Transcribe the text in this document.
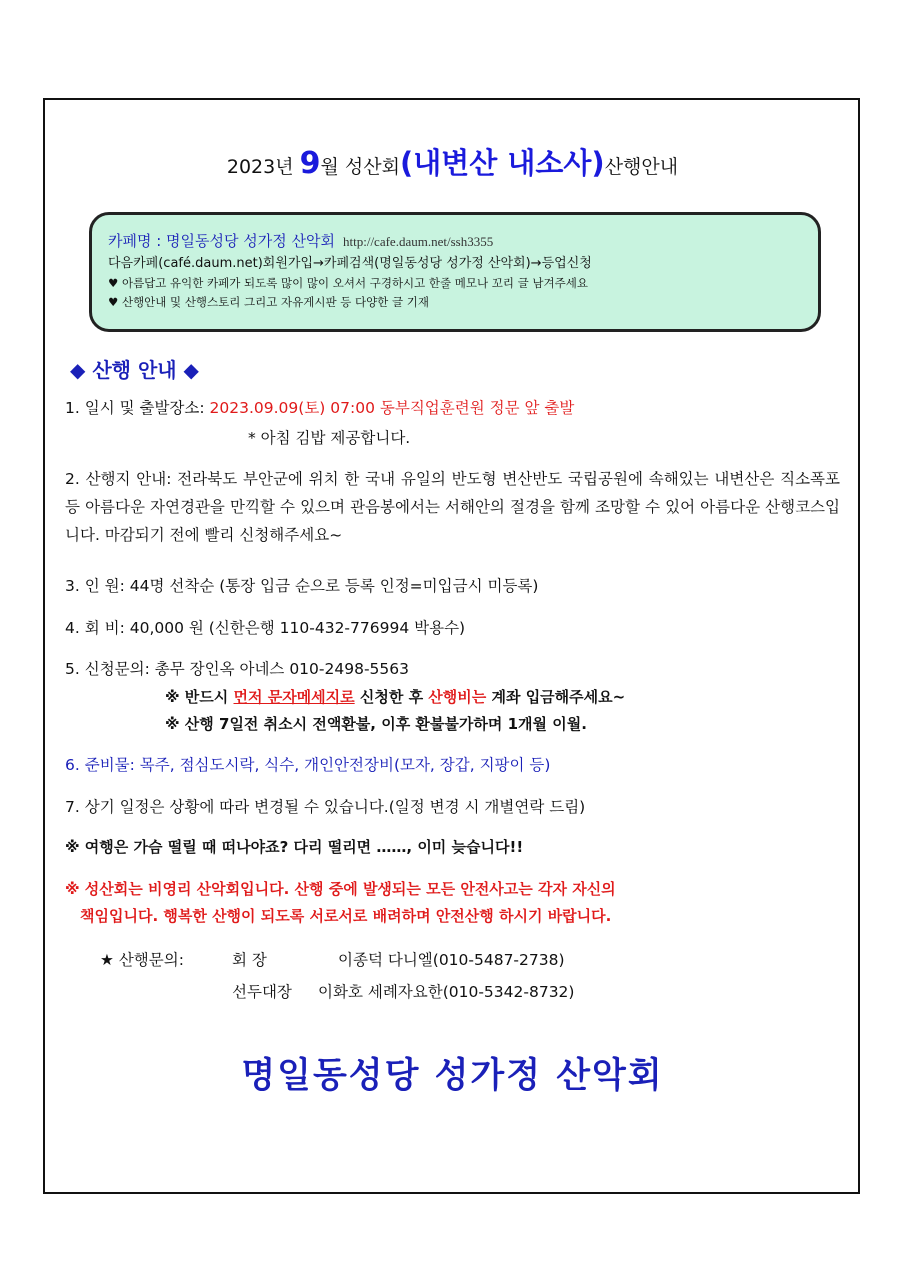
2023년 9월 성산회(내변산 내소사)산행안내
카페명 : 명일동성당 성가정 산악회 http://cafe.daum.net/ssh3355
다음카페(café.daum.net)회원가입→카페검색(명일동성당 성가정 산악회)→등업신청
♥ 아름답고 유익한 카페가 되도록 많이 많이 오셔서 구경하시고 한줄 메모나 꼬리 글 남겨주세요
♥ 산행안내 및 산행스토리 그리고 자유게시판 등 다양한 글 기재
◆ 산행 안내 ◆
1. 일시 및 출발장소: 2023.09.09(토) 07:00 동부직업훈련원 정문 앞 출발
* 아침 김밥 제공합니다.
2. 산행지 안내: 전라북도 부안군에 위치 한 국내 유일의 반도형 변산반도 국립공원에 속해있는 내변산은 직소폭포 등 아름다운 자연경관을 만끽할 수 있으며 관음봉에서는 서해안의 절경을 함께 조망할 수 있어 아름다운 산행코스입니다. 마감되기 전에 빨리 신청해주세요~
3. 인 원: 44명 선착순 (통장 입금 순으로 등록 인정=미입금시 미등록)
4. 회 비: 40,000 원 (신한은행 110-432-776994 박용수)
5. 신청문의: 총무 장인옥 아네스 010-2498-5563
※ 반드시 먼저 문자메세지로 신청한 후 산행비는 계좌 입금해주세요~
※ 산행 7일전 취소시 전액환불, 이후 환불불가하며 1개월 이월.
6. 준비물: 목주, 점심도시락, 식수, 개인안전장비(모자, 장갑, 지팡이 등)
7. 상기 일정은 상황에 따라 변경될 수 있습니다.(일정 변경 시 개별연락 드림)
※ 여행은 가슴 떨릴 때 떠나야죠? 다리 떨리면 ……, 이미 늦습니다!!
※ 성산회는 비영리 산악회입니다. 산행 중에 발생되는 모든 안전사고는 각자 자신의
책임입니다. 행복한 산행이 되도록 서로서로 배려하며 안전산행 하시기 바랍니다.
★ 산행문의:	회 장	이종덕 다니엘(010-5487-2738)
선두대장 이화호 세례자요한(010-5342-8732)
명일동성당 성가정 산악회
